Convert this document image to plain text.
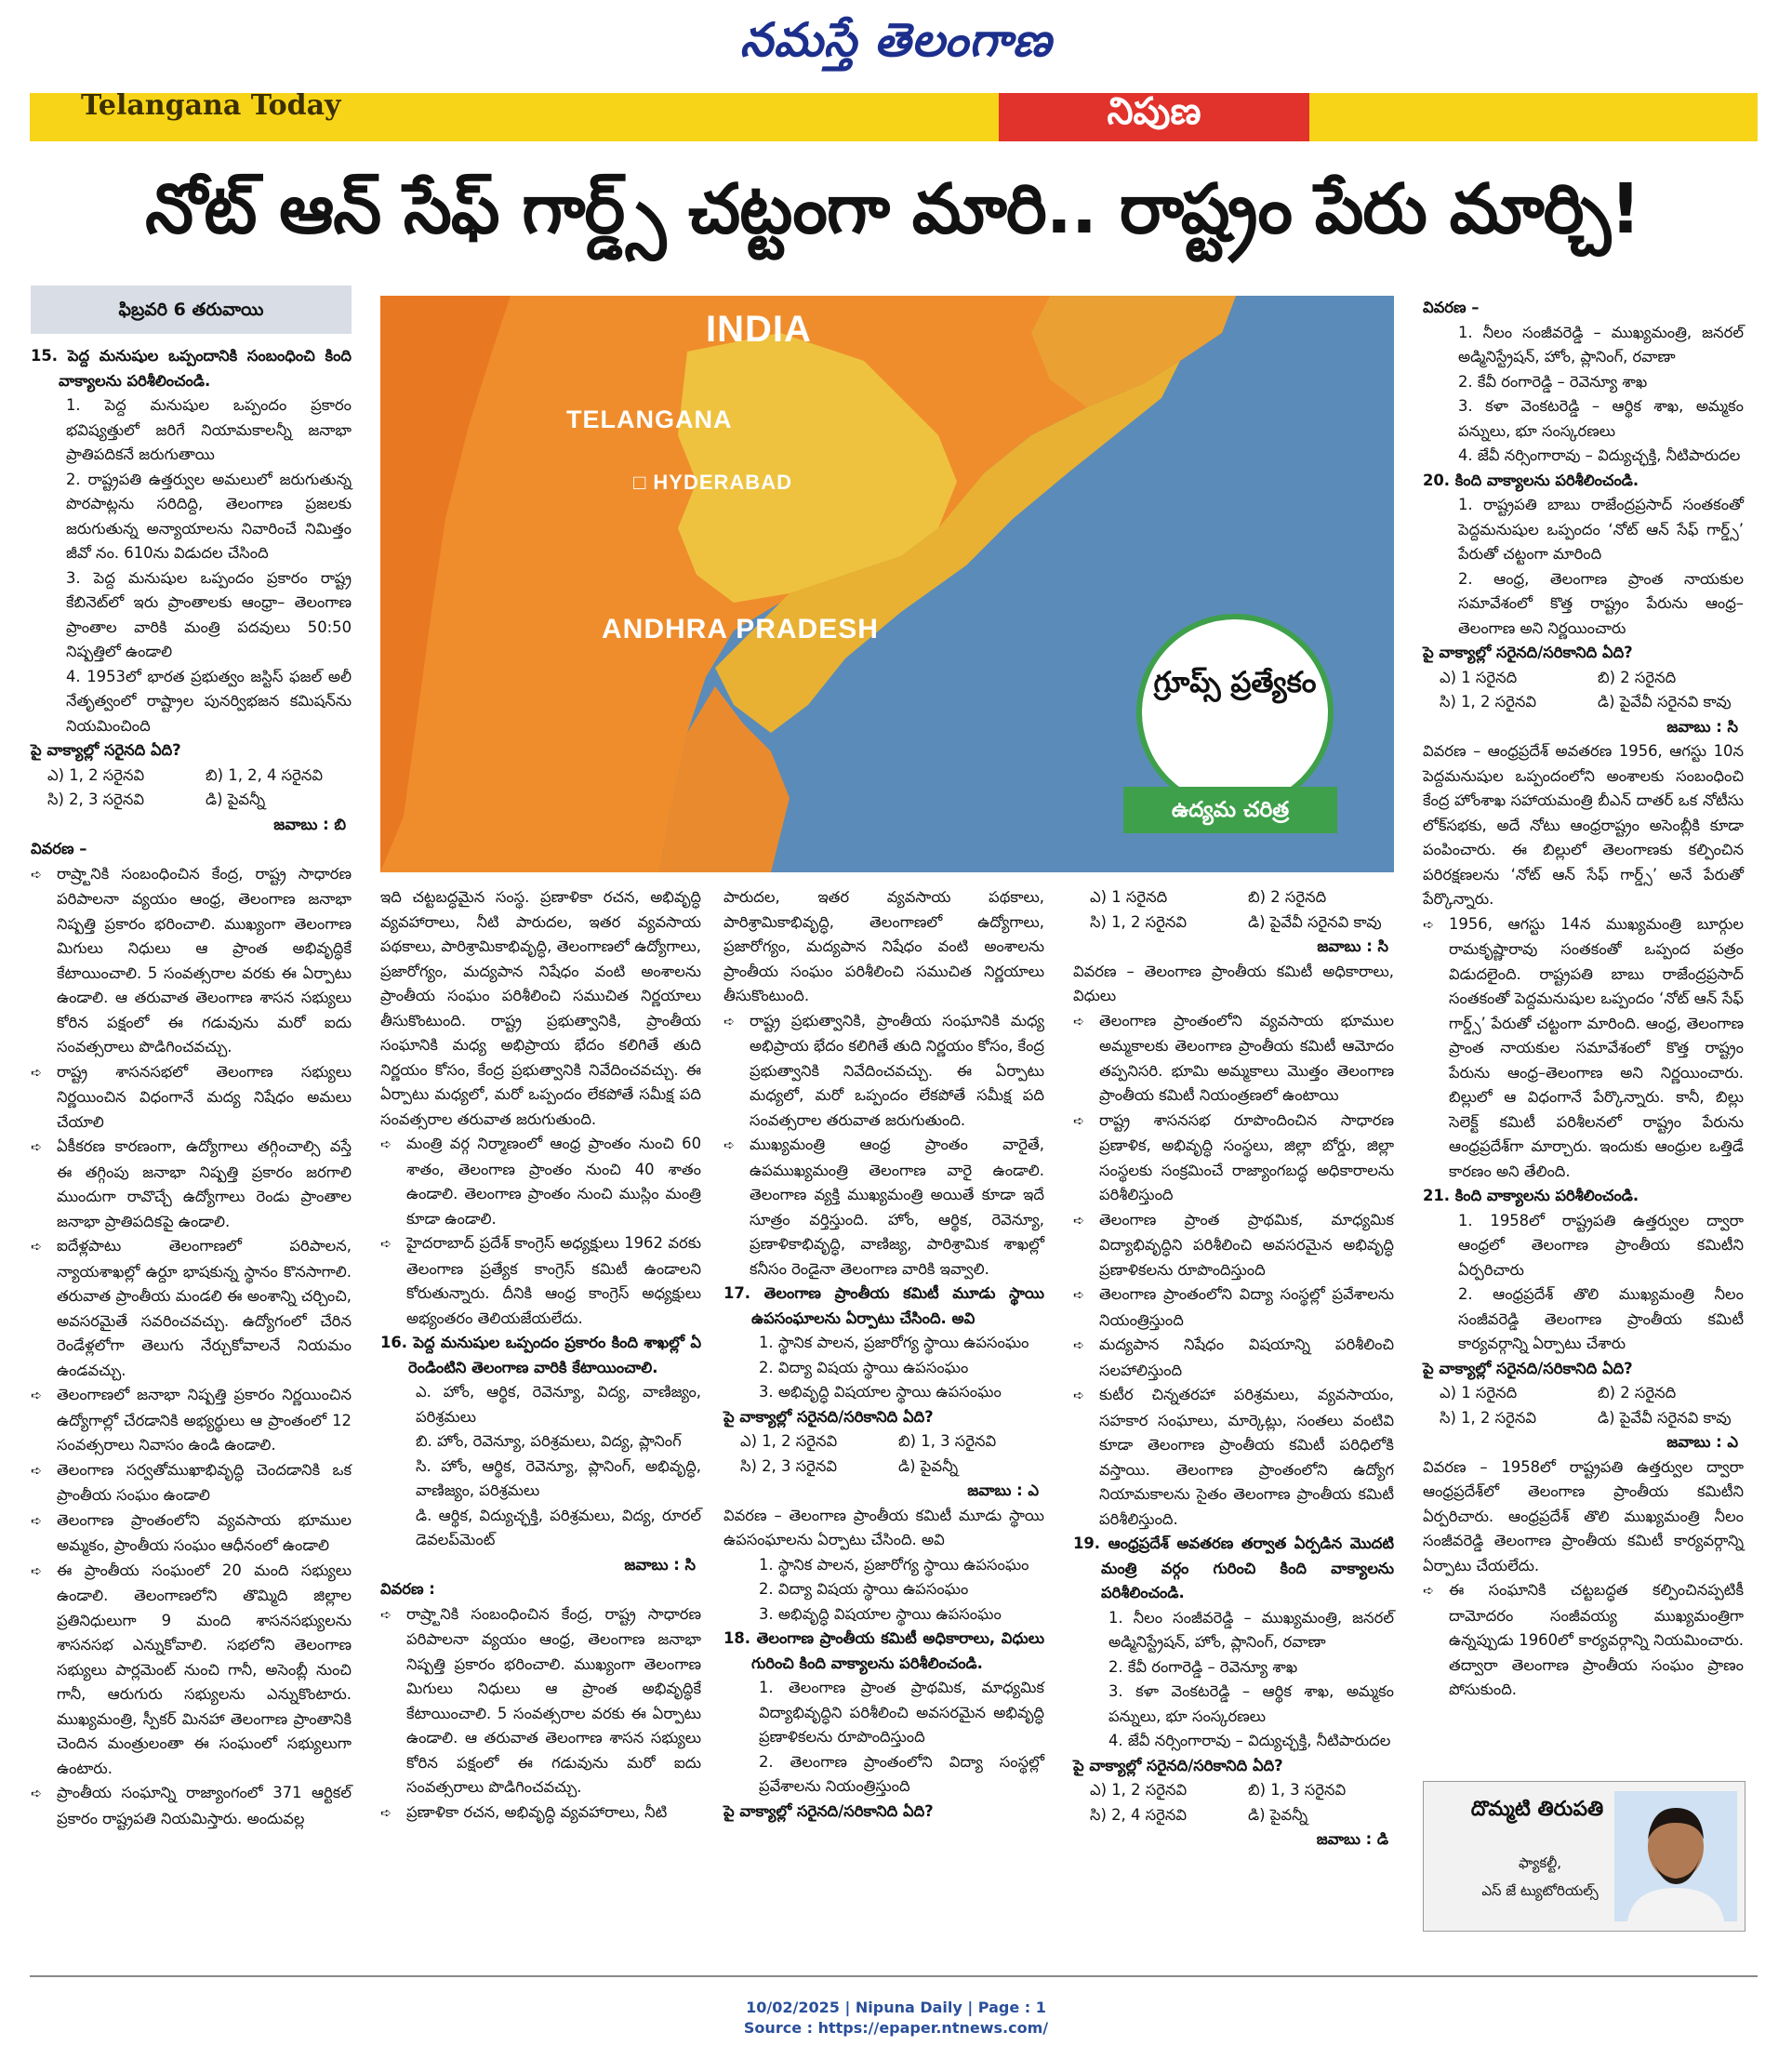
నమస్తే తెలంగాణ
Telangana Today	నిపుణ
నోట్‌ ఆన్‌ సేఫ్‌ గార్డ్స్‌ చట్టంగా మారి.. రాష్ట్రం పేరు మార్చి!
ఫిబ్రవరి 6 తరువాయి	INDIA
TELANGANA
□ HYDERABAD
ANDHRA PRADESH
గ్రూప్స్‌ ప్రత్యేకం
ఉద్యమ చరిత్ర

15. పెద్ద మనుషుల ఒప్పందానికి సంబంధించి కింది వాక్యాలను పరిశీలించండి.

1. పెద్ద మనుషుల ఒప్పందం ప్రకారం భవిష్యత్తులో జరిగే నియామకాలన్నీ జనాభా ప్రాతిపదికనే జరుగుతాయి

2. రాష్ట్రపతి ఉత్తర్వుల అమలులో జరుగుతున్న పొరపాట్లను సరిదిద్ది, తెలంగాణ ప్రజలకు జరుగుతున్న అన్యాయాలను నివారించే నిమిత్తం జీవో నం. 610ను విడుదల చేసింది

3. పెద్ద మనుషుల ఒప్పందం ప్రకారం రాష్ట్ర కేబినెట్‌లో ఇరు ప్రాంతాలకు ఆంధ్రా– తెలంగాణ ప్రాంతాల వారికి మంత్రి పదవులు 50:50 నిష్పత్తిలో ఉండాలి

4. 1953లో భారత ప్రభుత్వం జస్టిస్‌ ఫజల్‌ అలీ నేతృత్వంలో రాష్ట్రాల పునర్విభజన కమిషన్‌ను నియమించింది

పై వాక్యాల్లో సరైనది ఏది?

ఎ) 1, 2 సరైనవి	బి) 1, 2, 4 సరైనవి
సి) 2, 3 సరైనవి	డి) పైవన్నీ

జవాబు : బి

వివరణ –

➪ రాష్ర్టానికి సంబంధించిన కేంద్ర, రాష్ట్ర సాధారణ పరిపాలనా వ్యయం ఆంధ్ర, తెలంగాణ జనాభా నిష్పత్తి ప్రకారం భరించాలి. ముఖ్యంగా తెలంగాణ మిగులు నిధులు ఆ ప్రాంత అభివృద్ధికే కేటాయించాలి. 5 సంవత్సరాల వరకు ఈ ఏర్పాటు ఉండాలి. ఆ తరువాత తెలంగాణ శాసన సభ్యులు కోరిన పక్షంలో ఈ గడువును మరో ఐదు సంవత్సరాలు పొడిగించవచ్చు.

➪ రాష్ట్ర శాసనసభలో తెలంగాణ సభ్యులు నిర్ణయించిన విధంగానే మద్య నిషేధం అమలు చేయాలి

➪ ఏకీకరణ కారణంగా, ఉద్యోగాలు తగ్గించాల్సి వస్తే ఈ తగ్గింపు జనాభా నిష్పత్తి ప్రకారం జరగాలి ముందుగా రావొచ్చే ఉద్యోగాలు రెండు ప్రాంతాల జనాభా ప్రాతిపదికపై ఉండాలి.

➪ ఐదేళ్లపాటు తెలంగాణలో పరిపాలన, న్యాయశాఖల్లో ఉర్దూ భాషకున్న స్థానం కొనసాగాలి. తరువాత ప్రాంతీయ మండలి ఈ అంశాన్ని చర్చించి, అవసరమైతే సవరించవచ్చు. ఉద్యోగంలో చేరిన రెండేళ్లలోగా తెలుగు నేర్చుకోవాలనే నియమం ఉండవచ్చు.

➪ తెలంగాణలో జనాభా నిష్పత్తి ప్రకారం నిర్ణయించిన ఉద్యోగాల్లో చేరడానికి అభ్యర్థులు ఆ ప్రాంతంలో 12 సంవత్సరాలు నివాసం ఉండి ఉండాలి.

➪ తెలంగాణ సర్వతోముఖాభివృద్ధి చెందడానికి ఒక ప్రాంతీయ సంఘం ఉండాలి

➪ తెలంగాణ ప్రాంతంలోని వ్యవసాయ భూముల అమ్మకం, ప్రాంతీయ సంఘం ఆధీనంలో ఉండాలి

➪ ఈ ప్రాంతీయ సంఘంలో 20 మంది సభ్యులు ఉండాలి. తెలంగాణలోని తొమ్మిది జిల్లాల ప్రతినిధులుగా 9 మంది శాసనసభ్యులను శాసనసభ ఎన్నుకోవాలి. సభలోని తెలంగాణ సభ్యులు పార్లమెంట్‌ నుంచి గానీ, అసెంబ్లీ నుంచి గానీ, ఆరుగురు సభ్యులను ఎన్నుకొంటారు. ముఖ్యమంత్రి, స్పీకర్‌ మినహా తెలంగాణ ప్రాంతానికి చెందిన మంత్రులంతా ఈ సంఘంలో సభ్యులుగా ఉంటారు.

➪ ప్రాంతీయ సంఘాన్ని రాజ్యాంగంలో 371 ఆర్టికల్‌ ప్రకారం రాష్ట్రపతి నియమిస్తారు. అందువల్ల

ఇది చట్టబద్ధమైన సంస్థ. ప్రణాళికా రచన, అభివృద్ధి వ్యవహారాలు, నీటి పారుదల, ఇతర వ్యవసాయ పథకాలు, పారిశ్రామికాభివృద్ధి, తెలంగాణలో ఉద్యోగాలు, ప్రజారోగ్యం, మద్యపాన నిషేధం వంటి అంశాలను ప్రాంతీయ సంఘం పరిశీలించి సముచిత నిర్ణయాలు తీసుకొంటుంది. రాష్ట్ర ప్రభుత్వానికి, ప్రాంతీయ సంఘానికి మధ్య అభిప్రాయ భేదం కలిగితే తుది నిర్ణయం కోసం, కేంద్ర ప్రభుత్వానికి నివేదించవచ్చు. ఈ ఏర్పాటు మధ్యలో, మరో ఒప్పందం లేకపోతే సమీక్ష పది సంవత్సరాల తరువాత జరుగుతుంది.

➪ మంత్రి వర్గ నిర్మాణంలో ఆంధ్ర ప్రాంతం నుంచి 60 శాతం, తెలంగాణ ప్రాంతం నుంచి 40 శాతం ఉండాలి. తెలంగాణ ప్రాంతం నుంచి ముస్లిం మంత్రి కూడా ఉండాలి.

➪ హైదరాబాద్‌ ప్రదేశ్‌ కాంగ్రెస్‌ అధ్యక్షులు 1962 వరకు తెలంగాణ ప్రత్యేక కాంగ్రెస్‌ కమిటీ ఉండాలని కోరుతున్నారు. దీనికి ఆంధ్ర కాంగ్రెస్‌ అధ్యక్షులు అభ్యంతరం తెలియజేయలేదు.

16. పెద్ద మనుషుల ఒప్పందం ప్రకారం కింది శాఖల్లో ఏ రెండింటిని తెలంగాణ వారికి కేటాయించాలి.

ఎ. హోం, ఆర్థిక, రెవెన్యూ, విద్య, వాణిజ్యం, పరిశ్రమలు

బి. హోం, రెవెన్యూ, పరిశ్రమలు, విద్య, ప్లానింగ్‌

సి. హోం, ఆర్థిక, రెవెన్యూ, ప్లానింగ్‌, అభివృద్ధి, వాణిజ్యం, పరిశ్రమలు

డి. ఆర్థిక, విద్యుచ్ఛక్తి, పరిశ్రమలు, విద్య, రూరల్‌ డెవలప్‌మెంట్‌

జవాబు : సి

వివరణ :

➪ రాష్ర్టానికి సంబంధించిన కేంద్ర, రాష్ట్ర సాధారణ పరిపాలనా వ్యయం ఆంధ్ర, తెలంగాణ జనాభా నిష్పత్తి ప్రకారం భరించాలి. ముఖ్యంగా తెలంగాణ మిగులు నిధులు ఆ ప్రాంత అభివృద్ధికే కేటాయించాలి. 5 సంవత్సరాల వరకు ఈ ఏర్పాటు ఉండాలి. ఆ తరువాత తెలంగాణ శాసన సభ్యులు కోరిన పక్షంలో ఈ గడువును మరో ఐదు సంవత్సరాలు పొడిగించవచ్చు.

➪ ప్రణాళికా రచన, అభివృద్ధి వ్యవహారాలు, నీటి

పారుదల, ఇతర వ్యవసాయ పథకాలు, పారిశ్రామికాభివృద్ధి, తెలంగాణలో ఉద్యోగాలు, ప్రజారోగ్యం, మద్యపాన నిషేధం వంటి అంశాలను ప్రాంతీయ సంఘం పరిశీలించి సముచిత నిర్ణయాలు తీసుకొంటుంది.

➪ రాష్ట్ర ప్రభుత్వానికి, ప్రాంతీయ సంఘానికి మధ్య అభిప్రాయ భేదం కలిగితే తుది నిర్ణయం కోసం, కేంద్ర ప్రభుత్వానికి నివేదించవచ్చు. ఈ ఏర్పాటు మధ్యలో, మరో ఒప్పందం లేకపోతే సమీక్ష పది సంవత్సరాల తరువాత జరుగుతుంది.

➪ ముఖ్యమంత్రి ఆంధ్ర ప్రాంతం వారైతే, ఉపముఖ్యమంత్రి తెలంగాణ వారై ఉండాలి. తెలంగాణ వ్యక్తి ముఖ్యమంత్రి అయితే కూడా ఇదే సూత్రం వర్తిస్తుంది. హోం, ఆర్థిక, రెవెన్యూ, ప్రణాళికాభివృద్ధి, వాణిజ్య, పారిశ్రామిక శాఖల్లో కనీసం రెండైనా తెలంగాణ వారికి ఇవ్వాలి.

17. తెలంగాణ ప్రాంతీయ కమిటీ మూడు స్థాయి ఉపసంఘాలను ఏర్పాటు చేసింది. అవి

1. స్థానిక పాలన, ప్రజారోగ్య స్థాయి ఉపసంఘం

2. విద్యా విషయ స్థాయి ఉపసంఘం

3. అభివృద్ధి విషయాల స్థాయి ఉపసంఘం

పై వాక్యాల్లో సరైనది/సరికానిది ఏది?

ఎ) 1, 2 సరైనవి	బి) 1, 3 సరైనవి
సి) 2, 3 సరైనవి	డి) పైవన్నీ

జవాబు : ఎ

వివరణ – తెలంగాణ ప్రాంతీయ కమిటీ మూడు స్థాయి ఉపసంఘాలను ఏర్పాటు చేసింది. అవి

1. స్థానిక పాలన, ప్రజారోగ్య స్థాయి ఉపసంఘం

2. విద్యా విషయ స్థాయి ఉపసంఘం

3. అభివృద్ధి విషయాల స్థాయి ఉపసంఘం

18. తెలంగాణ ప్రాంతీయ కమిటీ అధికారాలు, విధులు గురించి కింది వాక్యాలను పరిశీలించండి.

1. తెలంగాణ ప్రాంత ప్రాథమిక, మాధ్యమిక విద్యాభివృద్ధిని పరిశీలించి అవసరమైన అభివృద్ధి ప్రణాళికలను రూపొందిస్తుంది

2. తెలంగాణ ప్రాంతంలోని విద్యా సంస్థల్లో ప్రవేశాలను నియంత్రిస్తుంది

పై వాక్యాల్లో సరైనది/సరికానిది ఏది?

ఎ) 1 సరైనది	బి) 2 సరైనది
సి) 1, 2 సరైనవి	డి) పైవేవీ సరైనవి కావు

జవాబు : సి

వివరణ – తెలంగాణ ప్రాంతీయ కమిటీ అధికారాలు, విధులు

➪ తెలంగాణ ప్రాంతంలోని వ్యవసాయ భూముల అమ్మకాలకు తెలంగాణ ప్రాంతీయ కమిటీ ఆమోదం తప్పనిసరి. భూమి అమ్మకాలు మొత్తం తెలంగాణ ప్రాంతీయ కమిటీ నియంత్రణలో ఉంటాయి

➪ రాష్ట్ర శాసనసభ రూపొందించిన సాధారణ ప్రణాళిక, అభివృద్ధి సంస్థలు, జిల్లా బోర్డు, జిల్లా సంస్థలకు సంక్రమించే రాజ్యాంగబద్ధ అధికారాలను పరిశీలిస్తుంది

➪ తెలంగాణ ప్రాంత ప్రాథమిక, మాధ్యమిక విద్యాభివృద్ధిని పరిశీలించి అవసరమైన అభివృద్ధి ప్రణాళికలను రూపొందిస్తుంది

➪ తెలంగాణ ప్రాంతంలోని విద్యా సంస్థల్లో ప్రవేశాలను నియంత్రిస్తుంది

➪ మద్యపాన నిషేధం విషయాన్ని పరిశీలించి సలహాలిస్తుంది

➪ కుటీర చిన్నతరహా పరిశ్రమలు, వ్యవసాయం, సహకార సంఘాలు, మార్కెట్లు, సంతలు వంటివి కూడా తెలంగాణ ప్రాంతీయ కమిటీ పరిధిలోకి వస్తాయి. తెలంగాణ ప్రాంతంలోని ఉద్యోగ నియామకాలను సైతం తెలంగాణ ప్రాంతీయ కమిటీ పరిశీలిస్తుంది.

19. ఆంధ్రప్రదేశ్‌ అవతరణ తర్వాత ఏర్పడిన మొదటి మంత్రి వర్గం గురించి కింది వాక్యాలను పరిశీలించండి.

1. నీలం సంజీవరెడ్డి – ముఖ్యమంత్రి, జనరల్‌ అడ్మినిస్ట్రేషన్‌, హోం, ప్లానింగ్‌, రవాణా

2. కేవీ రంగారెడ్డి – రెవెన్యూ శాఖ

3. కళా వెంకటరెడ్డి – ఆర్థిక శాఖ, అమ్మకం పన్నులు, భూ సంస్కరణలు

4. జేవీ నర్సింగారావు – విద్యుచ్ఛక్తి, నీటిపారుదల

పై వాక్యాల్లో సరైనది/సరికానిది ఏది?

ఎ) 1, 2 సరైనవి	బి) 1, 3 సరైనవి
సి) 2, 4 సరైనవి	డి) పైవన్నీ

జవాబు : డి

వివరణ –

1. నీలం సంజీవరెడ్డి – ముఖ్యమంత్రి, జనరల్‌ అడ్మినిస్ట్రేషన్‌, హోం, ప్లానింగ్‌, రవాణా

2. కేవీ రంగారెడ్డి – రెవెన్యూ శాఖ

3. కళా వెంకటరెడ్డి – ఆర్థిక శాఖ, అమ్మకం పన్నులు, భూ సంస్కరణలు

4. జేవీ నర్సింగారావు – విద్యుచ్ఛక్తి, నీటిపారుదల

20. కింది వాక్యాలను పరిశీలించండి.

1. రాష్ట్రపతి బాబు రాజేంద్రప్రసాద్‌ సంతకంతో పెద్దమనుషుల ఒప్పందం ‘నోట్‌ ఆన్‌ సేఫ్‌ గార్డ్స్‌’ పేరుతో చట్టంగా మారింది

2. ఆంధ్ర, తెలంగాణ ప్రాంత నాయకుల సమావేశంలో కొత్త రాష్ట్రం పేరును ఆంధ్ర–తెలంగాణ అని నిర్ణయించారు

పై వాక్యాల్లో సరైనది/సరికానిది ఏది?

ఎ) 1 సరైనది	బి) 2 సరైనది
సి) 1, 2 సరైనవి	డి) పైవేవీ సరైనవి కావు

జవాబు : సి

వివరణ – ఆంధ్రప్రదేశ్‌ అవతరణ 1956, ఆగస్టు 10న పెద్దమనుషుల ఒప్పందంలోని అంశాలకు సంబంధించి కేంద్ర హోంశాఖ సహాయమంత్రి బీఎన్‌ దాతర్‌ ఒక నోటీసు లోక్‌సభకు, అదే నోటు ఆంధ్రరాష్ట్రం అసెంబ్లీకి కూడా పంపించారు. ఈ బిల్లులో తెలంగాణకు కల్పించిన పరిరక్షణలను ‘నోట్‌ ఆన్‌ సేఫ్‌ గార్డ్స్‌’ అనే పేరుతో పేర్కొన్నారు.

➪ 1956, ఆగస్టు 14న ముఖ్యమంత్రి బూర్గుల రామకృష్ణారావు సంతకంతో ఒప్పంద పత్రం విడుదలైంది. రాష్ట్రపతి బాబు రాజేంద్రప్రసాద్‌ సంతకంతో పెద్దమనుషుల ఒప్పందం ‘నోట్‌ ఆన్‌ సేఫ్‌ గార్డ్స్‌’ పేరుతో చట్టంగా మారింది. ఆంధ్ర, తెలంగాణ ప్రాంత నాయకుల సమావేశంలో కొత్త రాష్ట్రం పేరును ఆంధ్ర–తెలంగాణ అని నిర్ణయించారు. బిల్లులో ఆ విధంగానే పేర్కొన్నారు. కానీ, బిల్లు సెలెక్ట్‌ కమిటీ పరిశీలనలో రాష్ట్రం పేరును ఆంధ్రప్రదేశ్‌గా మార్చారు. ఇందుకు ఆంధ్రుల ఒత్తిడే కారణం అని తేలింది.

21. కింది వాక్యాలను పరిశీలించండి.

1. 1958లో రాష్ట్రపతి ఉత్తర్వుల ద్వారా ఆంధ్రలో తెలంగాణ ప్రాంతీయ కమిటీని ఏర్పరిచారు

2. ఆంధ్రప్రదేశ్‌ తొలి ముఖ్యమంత్రి నీలం సంజీవరెడ్డి తెలంగాణ ప్రాంతీయ కమిటీ కార్యవర్గాన్ని ఏర్పాటు చేశారు

పై వాక్యాల్లో సరైనది/సరికానిది ఏది?

ఎ) 1 సరైనది	బి) 2 సరైనది
సి) 1, 2 సరైనవి	డి) పైవేవీ సరైనవి కావు

జవాబు : ఎ

వివరణ – 1958లో రాష్ట్రపతి ఉత్తర్వుల ద్వారా ఆంధ్రప్రదేశ్‌లో తెలంగాణ ప్రాంతీయ కమిటీని ఏర్పరిచారు. ఆంధ్రప్రదేశ్‌ తొలి ముఖ్యమంత్రి నీలం సంజీవరెడ్డి తెలంగాణ ప్రాంతీయ కమిటీ కార్యవర్గాన్ని ఏర్పాటు చేయలేదు.

➪ ఈ సంఘానికి చట్టబద్ధత కల్పించినప్పటికీ దామోదరం సంజీవయ్య ముఖ్యమంత్రిగా ఉన్నప్పుడు 1960లో కార్యవర్గాన్ని నియమించారు. తద్వారా తెలంగాణ ప్రాంతీయ సంఘం ప్రాణం పోసుకుంది.

దొమ్మటి తిరుపతి
ఫ్యాకల్టీ,
ఎస్‌ జే ట్యుటోరియల్స్‌
10/02/2025 | Nipuna Daily | Page : 1
Source : https://epaper.ntnews.com/
